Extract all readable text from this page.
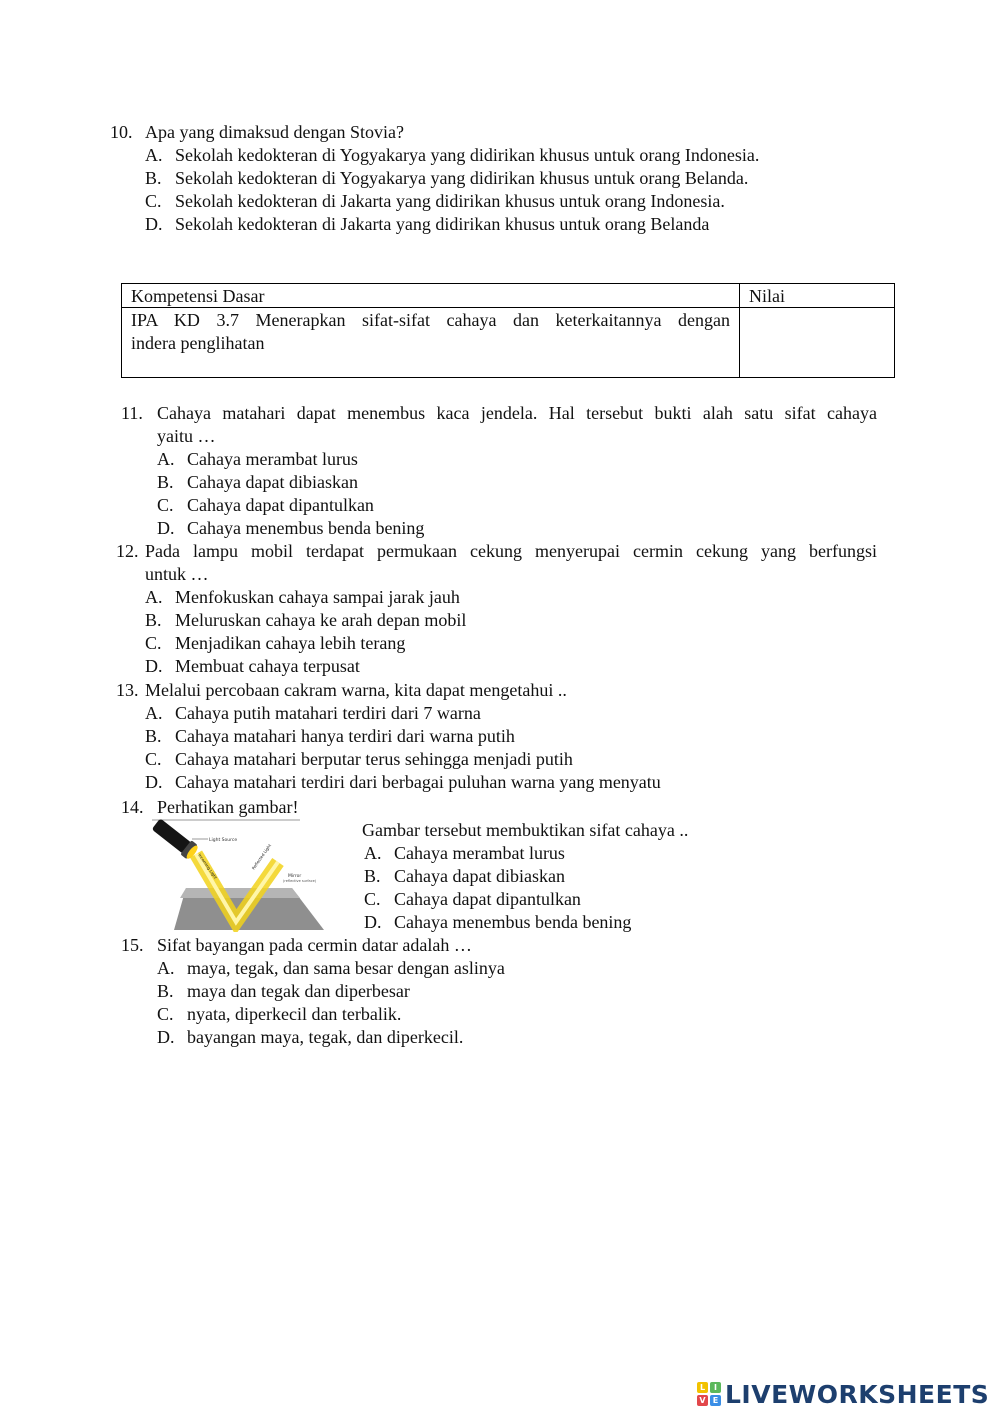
10. Apa yang dimaksud dengan Stovia?
A. Sekolah kedokteran di Yogyakarya yang didirikan khusus untuk orang Indonesia.
B. Sekolah kedokteran di Yogyakarya yang didirikan khusus untuk orang Belanda.
C. Sekolah kedokteran di Jakarta yang didirikan khusus untuk orang Indonesia.
D. Sekolah kedokteran di Jakarta yang didirikan khusus untuk orang Belanda
Kompetensi Dasar	Nilai
IPA KD 3.7 Menerapkan sifat-sifat cahaya dan keterkaitannya dengan
indera penglihatan
11. Cahaya matahari dapat menembus kaca jendela. Hal tersebut bukti alah satu sifat cahaya
yaitu …
A. Cahaya merambat lurus
B. Cahaya dapat dibiaskan
C. Cahaya dapat dipantulkan
D. Cahaya menembus benda bening
12. Pada lampu mobil terdapat permukaan cekung menyerupai cermin cekung yang berfungsi
untuk …
A. Menfokuskan cahaya sampai jarak jauh
B. Meluruskan cahaya ke arah depan mobil
C. Menjadikan cahaya lebih terang
D. Membuat cahaya terpusat
13. Melalui percobaan cakram warna, kita dapat mengetahui ..
A. Cahaya putih matahari terdiri dari 7 warna
B. Cahaya matahari hanya terdiri dari warna putih
C. Cahaya matahari berputar terus sehingga menjadi putih
D. Cahaya matahari terdiri dari berbagai puluhan warna yang menyatu
14. Perhatikan gambar!
Light Source
Incoming Light	Reflected Light
Mirror
(reflective surface)
Gambar tersebut membuktikan sifat cahaya ..
A. Cahaya merambat lurus
B. Cahaya dapat dibiaskan
C. Cahaya dapat dipantulkan
D. Cahaya menembus benda bening
15. Sifat bayangan pada cermin datar adalah …
A. maya, tegak, dan sama besar dengan aslinya
B. maya dan tegak dan diperbesar
C. nyata, diperkecil dan terbalik.
D. bayangan maya, tegak, dan diperkecil.
L	I
V E LIVEWORKSHEETS
